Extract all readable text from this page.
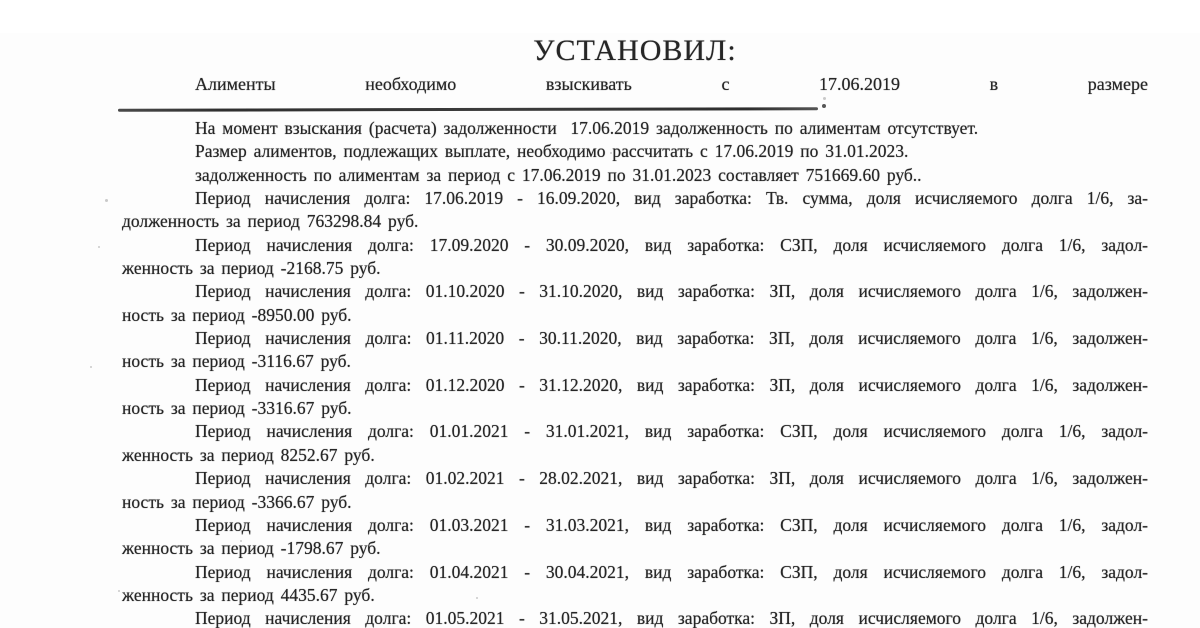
УСТАНОВИЛ:
Алименты необходимо взыскивать с 17.06.2019 в размере
На момент взыскания (расчета) задолженности  17.06.2019 задолженность по алиментам отсутствует.
Размер алиментов, подлежащих выплате, необходимо рассчитать с 17.06.2019 по 31.01.2023.
задолженность по алиментам за период с 17.06.2019 по 31.01.2023 составляет 751669.60 руб..
Период начисления долга: 17.06.2019 - 16.09.2020, вид заработка: Тв. сумма, доля исчисляемого долга 1/6, за-
долженность за период 763298.84 руб.
Период начисления долга: 17.09.2020 - 30.09.2020, вид заработка: СЗП, доля исчисляемого долга 1/6, задол-
женность за период -2168.75 руб.
Период начисления долга: 01.10.2020 - 31.10.2020, вид заработка: ЗП, доля исчисляемого долга 1/6, задолжен-
ность за период -8950.00 руб.
Период начисления долга: 01.11.2020 - 30.11.2020, вид заработка: ЗП, доля исчисляемого долга 1/6, задолжен-
ность за период -3116.67 руб.
Период начисления долга: 01.12.2020 - 31.12.2020, вид заработка: ЗП, доля исчисляемого долга 1/6, задолжен-
ность за период -3316.67 руб.
Период начисления долга: 01.01.2021 - 31.01.2021, вид заработка: СЗП, доля исчисляемого долга 1/6, задол-
женность за период 8252.67 руб.
Период начисления долга: 01.02.2021 - 28.02.2021, вид заработка: ЗП, доля исчисляемого долга 1/6, задолжен-
ность за период -3366.67 руб.
Период начисления долга: 01.03.2021 - 31.03.2021, вид заработка: СЗП, доля исчисляемого долга 1/6, задол-
женность за период -1798.67 руб.
Период начисления долга: 01.04.2021 - 30.04.2021, вид заработка: СЗП, доля исчисляемого долга 1/6, задол-
женность за период 4435.67 руб.
Период начисления долга: 01.05.2021 - 31.05.2021, вид заработка: ЗП, доля исчисляемого долга 1/6, задолжен-
